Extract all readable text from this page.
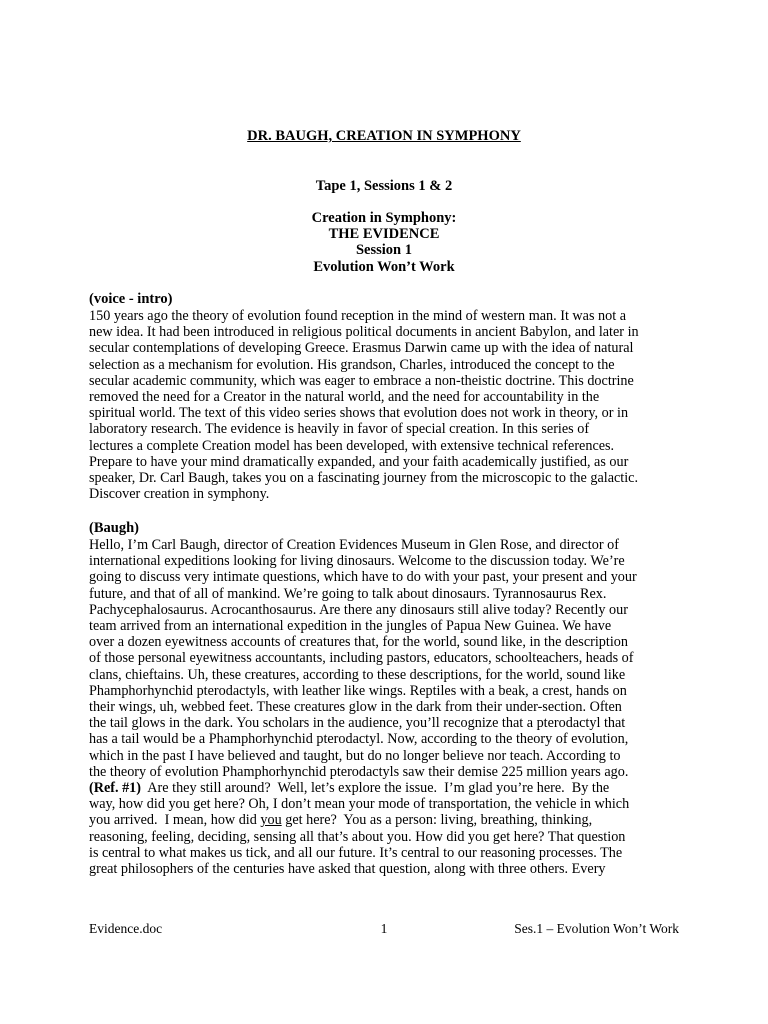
DR. BAUGH, CREATION IN SYMPHONY
Tape 1, Sessions 1 & 2
Creation in Symphony:
THE EVIDENCE
Session 1
Evolution Won’t Work
(voice - intro)
150 years ago the theory of evolution found reception in the mind of western man. It was not a
new idea. It had been introduced in religious political documents in ancient Babylon, and later in
secular contemplations of developing Greece. Erasmus Darwin came up with the idea of natural
selection as a mechanism for evolution. His grandson, Charles, introduced the concept to the
secular academic community, which was eager to embrace a non-theistic doctrine. This doctrine
removed the need for a Creator in the natural world, and the need for accountability in the
spiritual world. The text of this video series shows that evolution does not work in theory, or in
laboratory research. The evidence is heavily in favor of special creation. In this series of
lectures a complete Creation model has been developed, with extensive technical references.
Prepare to have your mind dramatically expanded, and your faith academically justified, as our
speaker, Dr. Carl Baugh, takes you on a fascinating journey from the microscopic to the galactic.
Discover creation in symphony.
(Baugh)
Hello, I’m Carl Baugh, director of Creation Evidences Museum in Glen Rose, and director of
international expeditions looking for living dinosaurs. Welcome to the discussion today. We’re
going to discuss very intimate questions, which have to do with your past, your present and your
future, and that of all of mankind. We’re going to talk about dinosaurs. Tyrannosaurus Rex.
Pachycephalosaurus. Acrocanthosaurus. Are there any dinosaurs still alive today? Recently our
team arrived from an international expedition in the jungles of Papua New Guinea. We have
over a dozen eyewitness accounts of creatures that, for the world, sound like, in the description
of those personal eyewitness accountants, including pastors, educators, schoolteachers, heads of
clans, chieftains. Uh, these creatures, according to these descriptions, for the world, sound like
Phamphorhynchid pterodactyls, with leather like wings. Reptiles with a beak, a crest, hands on
their wings, uh, webbed feet. These creatures glow in the dark from their under-section. Often
the tail glows in the dark. You scholars in the audience, you’ll recognize that a pterodactyl that
has a tail would be a Phamphorhynchid pterodactyl. Now, according to the theory of evolution,
which in the past I have believed and taught, but do no longer believe nor teach. According to
the theory of evolution Phamphorhynchid pterodactyls saw their demise 225 million years ago.
(Ref. #1)  Are they still around?  Well, let’s explore the issue.  I’m glad you’re here.  By the
way, how did you get here? Oh, I don’t mean your mode of transportation, the vehicle in which
you arrived.  I mean, how did you get here?  You as a person: living, breathing, thinking,
reasoning, feeling, deciding, sensing all that’s about you. How did you get here? That question
is central to what makes us tick, and all our future. It’s central to our reasoning processes. The
great philosophers of the centuries have asked that question, along with three others. Every
Evidence.doc	1	Ses.1 – Evolution Won’t Work
